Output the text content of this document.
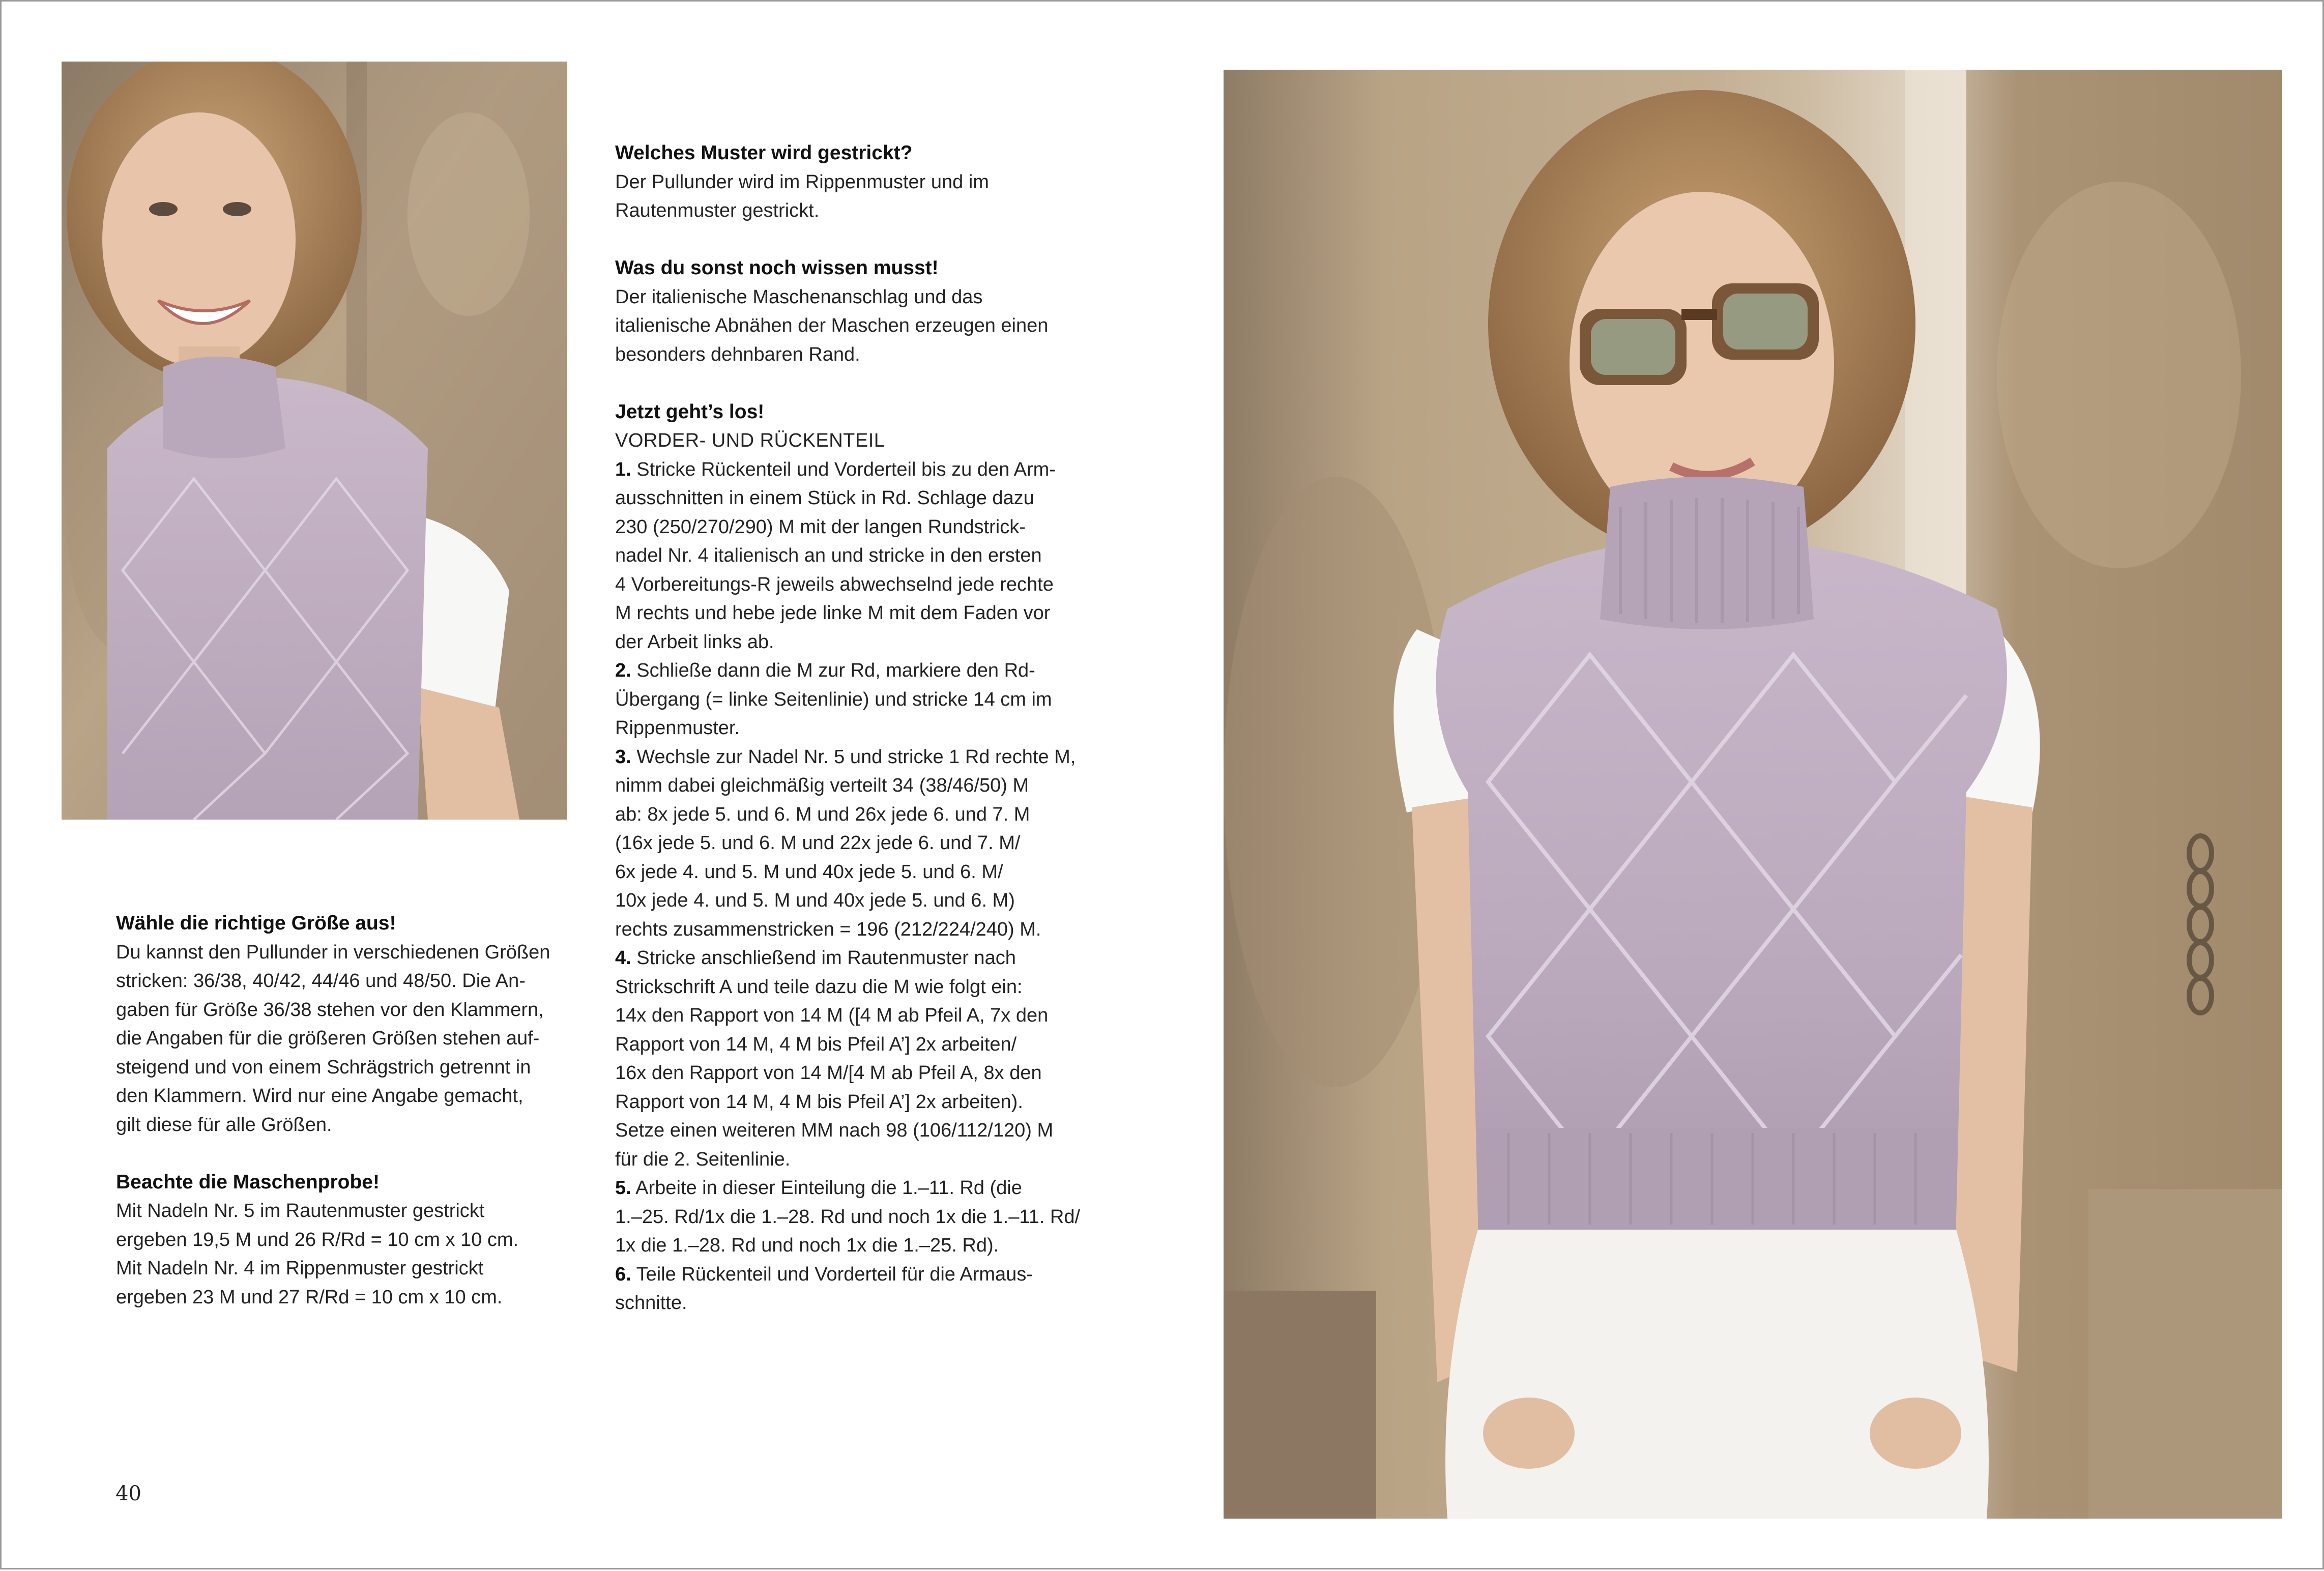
Wähle die richtige Größe aus!

Du kannst den Pullunder in verschiedenen Größen
stricken: 36/38, 40/42, 44/46 und 48/50. Die An-
gaben für Größe 36/38 stehen vor den Klammern,
die Angaben für die größeren Größen stehen auf-
steigend und von einem Schrägstrich getrennt in
den Klammern. Wird nur eine Angabe gemacht,
gilt diese für alle Größen.

Beachte die Maschenprobe!

Mit Nadeln Nr. 5 im Rautenmuster gestrickt
ergeben 19,5 M und 26 R/Rd = 10 cm x 10 cm.
Mit Nadeln Nr. 4 im Rippenmuster gestrickt
ergeben 23 M und 27 R/Rd = 10 cm x 10 cm.

Welches Muster wird gestrickt?

Der Pullunder wird im Rippenmuster und im
Rautenmuster gestrickt.

Was du sonst noch wissen musst!

Der italienische Maschenanschlag und das
italienische Abnähen der Maschen erzeugen einen
besonders dehnbaren Rand.

Jetzt geht’s los!

VORDER- UND RÜCKENTEIL

1. Stricke Rückenteil und Vorderteil bis zu den Arm-
ausschnitten in einem Stück in Rd. Schlage dazu
230 (250/270/290) M mit der langen Rundstrick-
nadel Nr. 4 italienisch an und stricke in den ersten
4 Vorbereitungs-R jeweils abwechselnd jede rechte
M rechts und hebe jede linke M mit dem Faden vor
der Arbeit links ab.

2. Schließe dann die M zur Rd, markiere den Rd-
Übergang (= linke Seitenlinie) und stricke 14 cm im
Rippenmuster.

3. Wechsle zur Nadel Nr. 5 und stricke 1 Rd rechte M,
nimm dabei gleichmäßig verteilt 34 (38/46/50) M
ab: 8x jede 5. und 6. M und 26x jede 6. und 7. M
(16x jede 5. und 6. M und 22x jede 6. und 7. M/
6x jede 4. und 5. M und 40x jede 5. und 6. M/
10x jede 4. und 5. M und 40x jede 5. und 6. M)
rechts zusammenstricken = 196 (212/224/240) M.

4. Stricke anschließend im Rautenmuster nach
Strickschrift A und teile dazu die M wie folgt ein:
14x den Rapport von 14 M ([4 M ab Pfeil A, 7x den
Rapport von 14 M, 4 M bis Pfeil A’] 2x arbeiten/
16x den Rapport von 14 M/[4 M ab Pfeil A, 8x den
Rapport von 14 M, 4 M bis Pfeil A’] 2x arbeiten).
Setze einen weiteren MM nach 98 (106/112/120) M
für die 2. Seitenlinie.

5. Arbeite in dieser Einteilung die 1.–11. Rd (die
1.–25. Rd/1x die 1.–28. Rd und noch 1x die 1.–11. Rd/
1x die 1.–28. Rd und noch 1x die 1.–25. Rd).

6. Teile Rückenteil und Vorderteil für die Armaus-
schnitte.

40
